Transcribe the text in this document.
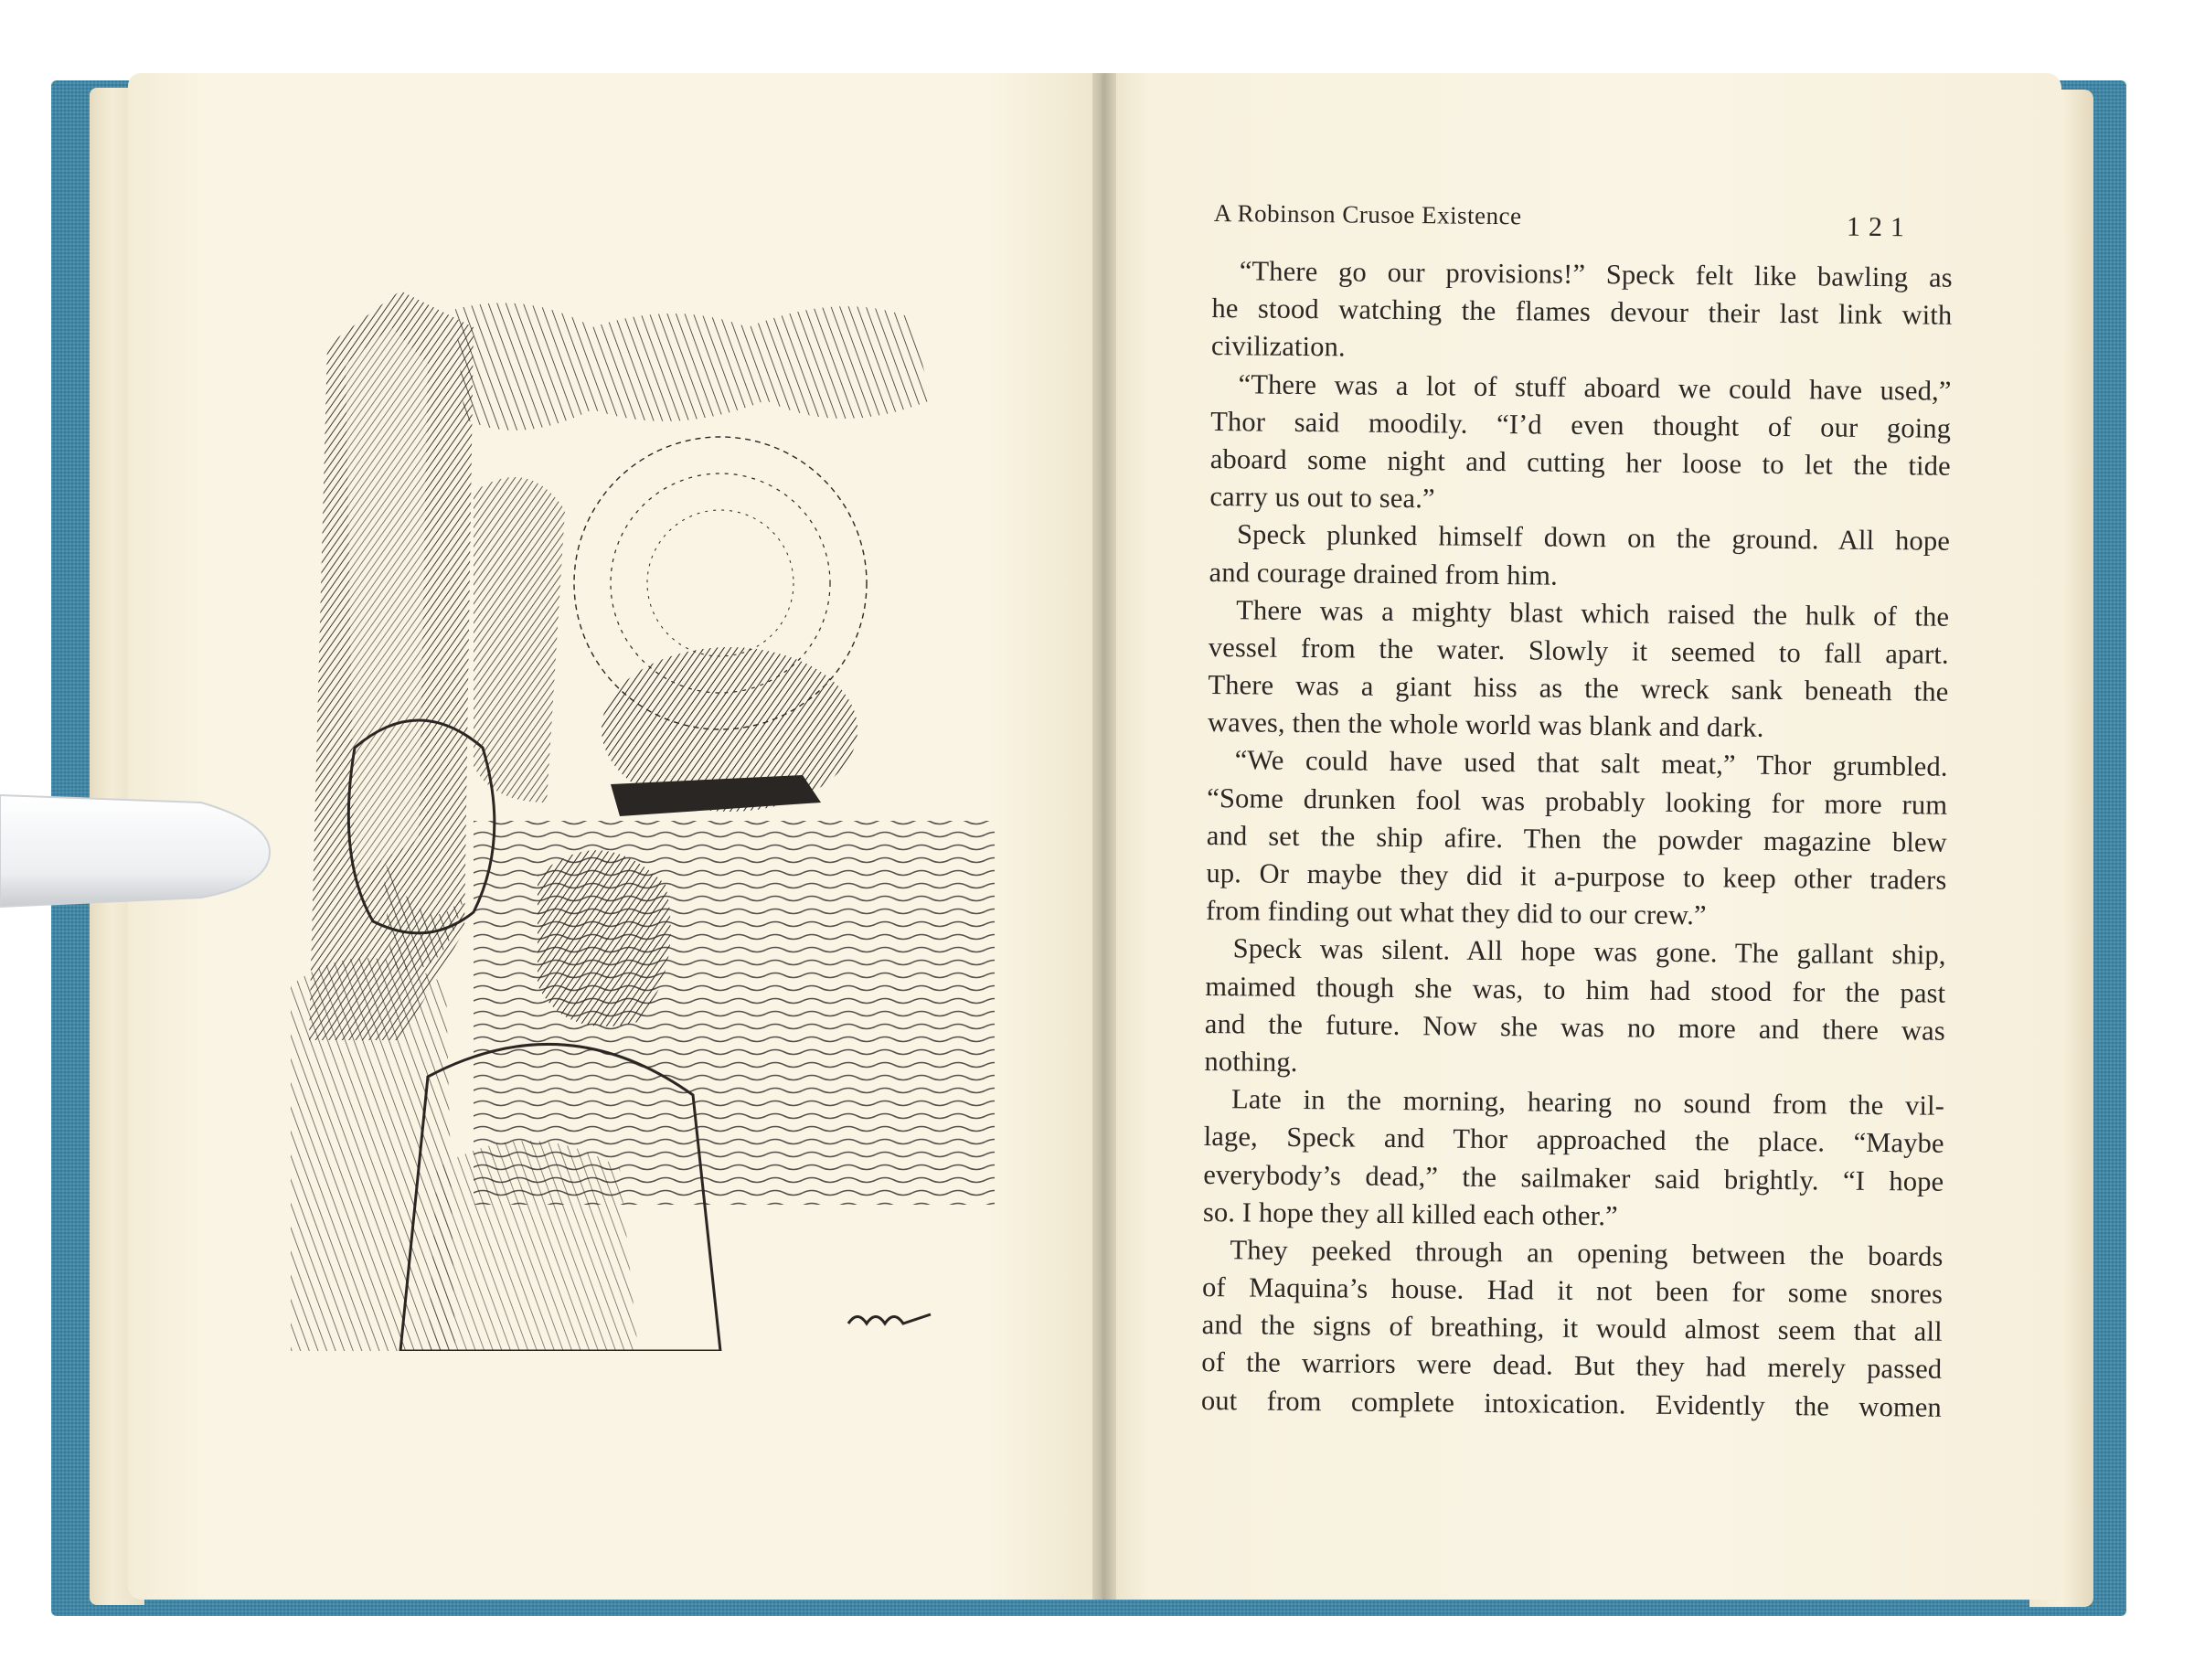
A Robinson Crusoe Existence	121
“There go our provisions!” Speck felt like bawling as
he stood watching the flames devour their last link with
civilization.
“There was a lot of stuff aboard we could have used,”
Thor said moodily. “I’d even thought of our going
aboard some night and cutting her loose to let the tide
carry us out to sea.”
Speck plunked himself down on the ground. All hope
and courage drained from him.
There was a mighty blast which raised the hulk of the
vessel from the water. Slowly it seemed to fall apart.
There was a giant hiss as the wreck sank beneath the
waves, then the whole world was blank and dark.
“We could have used that salt meat,” Thor grumbled.
“Some drunken fool was probably looking for more rum
and set the ship afire. Then the powder magazine blew
up. Or maybe they did it a-purpose to keep other traders
from finding out what they did to our crew.”
Speck was silent. All hope was gone. The gallant ship,
maimed though she was, to him had stood for the past
and the future. Now she was no more and there was
nothing.
Late in the morning, hearing no sound from the vil-
lage, Speck and Thor approached the place. “Maybe
everybody’s dead,” the sailmaker said brightly. “I hope
so. I hope they all killed each other.”
They peeked through an opening between the boards
of Maquina’s house. Had it not been for some snores
and the signs of breathing, it would almost seem that all
of the warriors were dead. But they had merely passed
out from complete intoxication. Evidently the women
